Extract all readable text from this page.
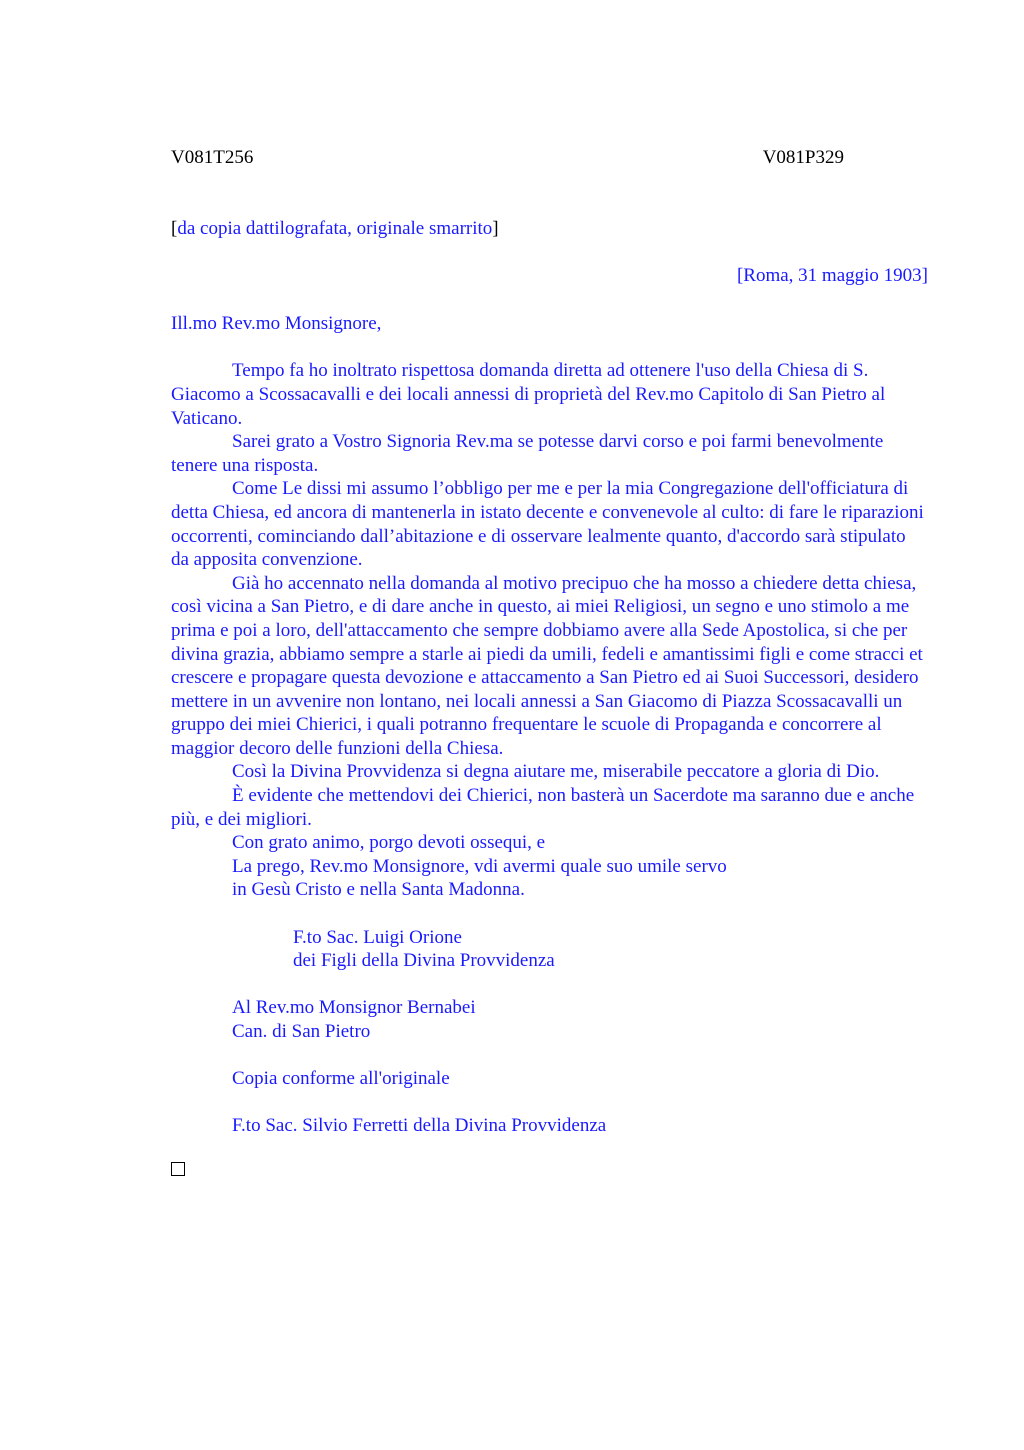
V081T256	V081P329

[da copia dattilografata, originale smarrito]

[Roma, 31 maggio 1903]

Ill.mo Rev.mo Monsignore,

Tempo fa ho inoltrato rispettosa domanda diretta ad ottenere l'uso della Chiesa di S. Giacomo a Scossacavalli e dei locali annessi di proprietà del Rev.mo Capitolo di San Pietro al Vaticano.

Sarei grato a Vostro Signoria Rev.ma se potesse darvi corso e poi farmi benevolmente tenere una risposta.

Come Le dissi mi assumo l’obbligo per me e per la mia Congregazione dell'officiatura di detta Chiesa, ed ancora di mantenerla in istato decente e convenevole al culto: di fare le riparazioni occorrenti, cominciando dall’abitazione e di osservare lealmente quanto, d'accordo sarà stipulato da apposita convenzione.

Già ho accennato nella domanda al motivo precipuo che ha mosso a chiedere detta chiesa, così vicina a San Pietro, e di dare anche in questo, ai miei Religiosi, un segno e uno stimolo a me prima e poi a loro, dell'attaccamento che sempre dobbiamo avere alla Sede Apostolica, si che per divina grazia, abbiamo sempre a starle ai piedi da umili, fedeli e amantissimi figli e come stracci et crescere e propagare questa devozione e attaccamento a San Pietro ed ai Suoi Successori, desidero mettere in un avvenire non lontano, nei locali annessi a San Giacomo di Piazza Scossacavalli un gruppo dei miei Chierici, i quali potranno frequentare le scuole di Propaganda e concorrere al maggior decoro delle funzioni della Chiesa.

Così la Divina Provvidenza si degna aiutare me, miserabile peccatore a gloria di Dio.

È evidente che mettendovi dei Chierici, non basterà un Sacerdote ma saranno due e anche più, e dei migliori.

Con grato animo, porgo devoti ossequi, e

La prego, Rev.mo Monsignore, vdi avermi quale suo umile servo

in Gesù Cristo e nella Santa Madonna.

F.to Sac. Luigi Orione

dei Figli della Divina Provvidenza

Al Rev.mo Monsignor Bernabei

Can. di San Pietro

Copia conforme all'originale

F.to Sac. Silvio Ferretti della Divina Provvidenza
